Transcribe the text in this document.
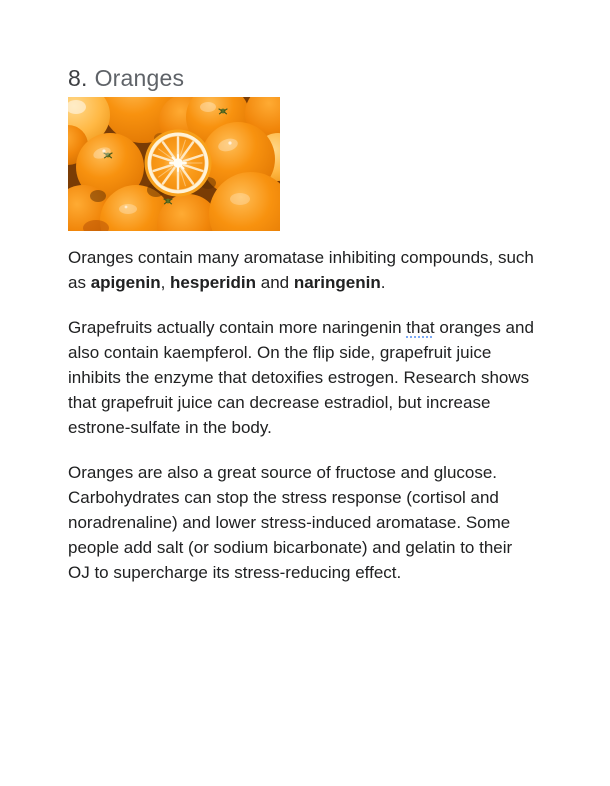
8. Oranges

Oranges contain many aromatase inhibiting compounds, such as apigenin, hesperidin and naringenin.

Grapefruits actually contain more naringenin that oranges and also contain kaempferol. On the flip side, grapefruit juice inhibits the enzyme that detoxifies estrogen. Research shows that grapefruit juice can decrease estradiol, but increase estrone-sulfate in the body.

Oranges are also a great source of fructose and glucose. Carbohydrates can stop the stress response (cortisol and noradrenaline) and lower stress-induced aromatase. Some people add salt (or sodium bicarbonate) and gelatin to their OJ to supercharge its stress-reducing effect.
